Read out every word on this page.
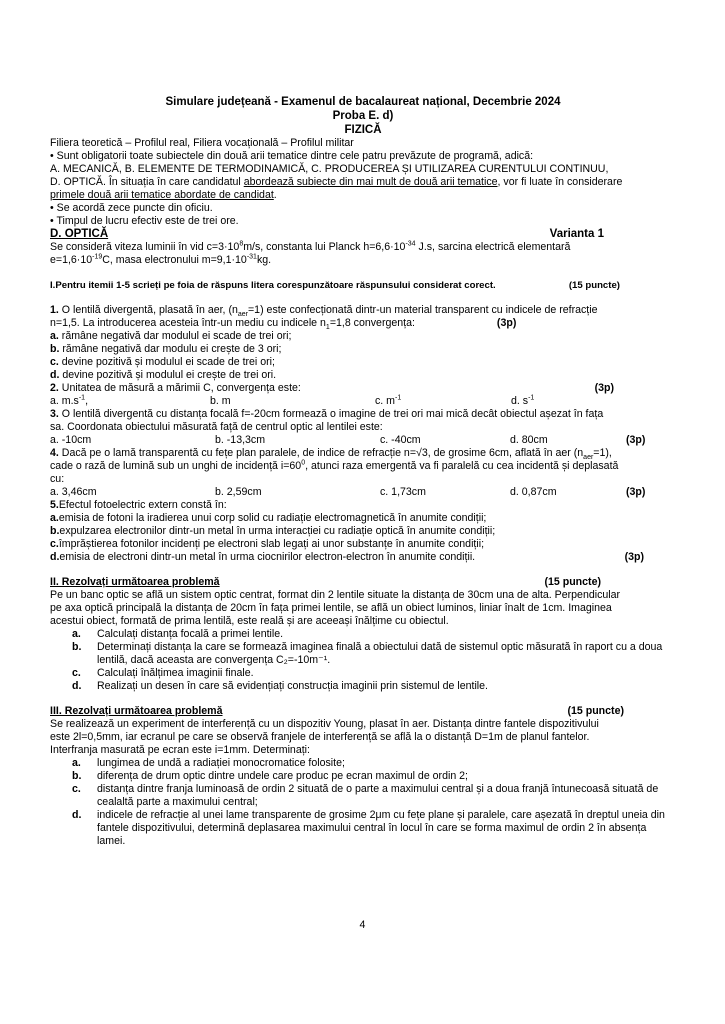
Simulare județeană - Examenul de bacalaureat național, Decembrie 2024

Proba E. d)

FIZICĂ

Filiera teoretică – Profilul real, Filiera vocațională – Profilul militar

• Sunt obligatorii toate subiectele din două arii tematice dintre cele patru prevăzute de programă, adică:

A. MECANICĂ, B. ELEMENTE DE TERMODINAMICĂ, C. PRODUCEREA ȘI UTILIZAREA CURENTULUI CONTINUU,

D. OPTICĂ. În situația în care candidatul abordează subiecte din mai mult de două arii tematice, vor fi luate în considerare

primele două arii tematice abordate de candidat.

• Se acordă zece puncte din oficiu.

• Timpul de lucru efectiv este de trei ore.

D. OPTICĂ	Varianta 1

Se consideră viteza luminii în vid $c=3\cdot 10^8m/s$, constanta lui Planck $h=6,6\cdot 10^{-34}$ J.s, sarcina electrică elementară

$e=1,6\cdot 10^{-19}C$, masa electronului $m=9,1\cdot 10^{-31}kg$.

I.Pentru itemii 1-5 scrieți pe foia de răspuns litera corespunzătoare răspunsului considerat corect.	(15 puncte)

1. O lentilă divergentă, plasată în aer, $(n_{aer}=1)$ este confecționată dintr-un material transparent cu indicele de refracție

n=1,5. La introducerea acesteia într-un mediu cu indicele $n_1=1,8$ convergența:	(3p)

a. rămâne negativă dar modulul ei scade de trei ori;

b. rămâne negativă dar modulu ei crește de 3 ori;

c. devine pozitivă și modulul ei scade de trei ori;

d. devine pozitivă și modulul ei crește de trei ori.

2. Unitatea de măsură a mărimii C, convergența este:	(3p)
a. $m.s^{-1}$,	b. m	c. $m^{-1}$	d. $s^{-1}$

3. O lentilă divergentă cu distanța focală f=-20cm formează o imagine de trei ori mai mică decât obiectul așezat în fața

sa. Coordonata obiectului măsurată față de centrul optic al lentilei este:

a. -10cm	b. -13,3cm	c. -40cm	d. 80cm	(3p)

4. Dacă pe o lamă transparentă cu fețe plan paralele, de indice de refracție n=√3, de grosime 6cm, aflată în aer $(n_{aer}=1)$,

cade o rază de lumină sub un unghi de incidență $i=60^0$, atunci raza emergentă va fi paralelă cu cea incidentă și deplasată

cu:

a. 3,46cm	b. 2,59cm	c. 1,73cm	d. 0,87cm	(3p)

5.Efectul fotoelectric extern constă în:

a.emisia de fotoni la iradierea unui corp solid cu radiație electromagnetică în anumite condiții;

b.expulzarea electronilor dintr-un metal în urma interacției cu radiație optică în anumite condiții;

c.împrăștierea fotonilor incidenți pe electroni slab legați ai unor substanțe în anumite condiții;

d.emisia de electroni dintr-un metal în urma ciocnirilor electron-electron în anumite condiții.	(3p)
II. Rezolvați următoarea problemă	(15 puncte)

Pe un banc optic se află un sistem optic centrat, format din 2 lentile situate la distanța de 30cm una de alta. Perpendicular

pe axa optică principală la distanța de 20cm în fața primei lentile, se află un obiect luminos, liniar înalt de 1cm. Imaginea

acestui obiect, formată de prima lentilă, este reală și are aceeași înălțime cu obiectul.

a.	Calculați distanța focală a primei lentile.
b.	Determinați distanța la care se formează imaginea finală a obiectului dată de sistemul optic măsurată în raport cu a doua lentilă, dacă aceasta are convergența C₂=-10m⁻¹.
c.	Calculați înălțimea imaginii finale.
d.	Realizați un desen în care să evidențiați construcția imaginii prin sistemul de lentile.
III. Rezolvați următoarea problemă	(15 puncte)

Se realizează un experiment de interferență cu un dispozitiv Young, plasat în aer. Distanța dintre fantele dispozitivului

este 2l=0,5mm, iar ecranul pe care se observă franjele de interferență se află la o distanță D=1m de planul fantelor.

Interfranja masurată pe ecran este i=1mm. Determinați:

a.	lungimea de undă a radiației monocromatice folosite;
b.	diferența de drum optic dintre undele care produc pe ecran maximul de ordin 2;
c.	distanța dintre franja luminoasă de ordin 2 situată de o parte a maximului central și a doua franjă întunecoasă situată de cealaltă parte a maximului central;
d.	indicele de refracție al unei lame transparente de grosime 2μm cu fețe plane și paralele, care așezată în dreptul uneia din fantele dispozitivului, determină deplasarea maximului central în locul în care se forma maximul de ordin 2 în absența lamei.
4
